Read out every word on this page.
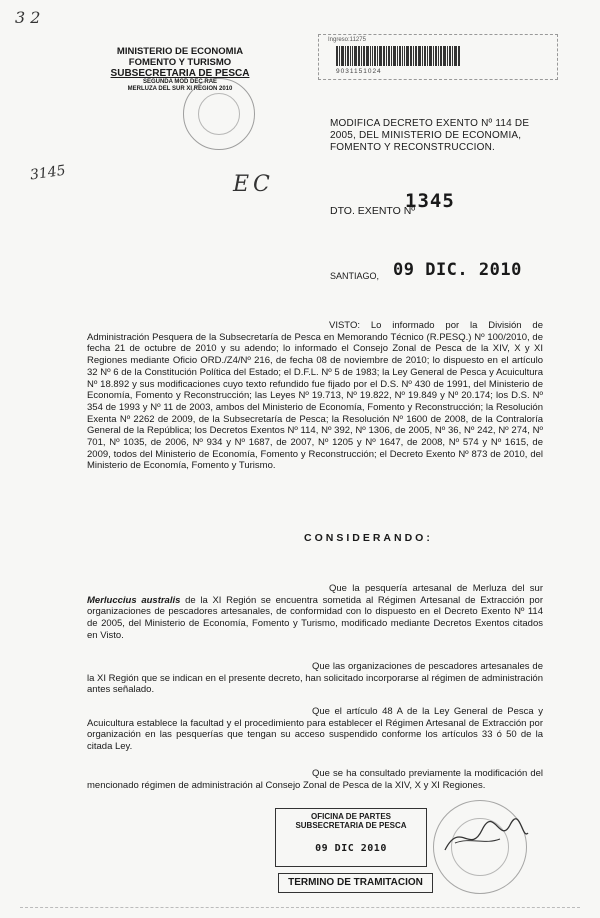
3 2
MINISTERIO DE ECONOMIA
FOMENTO Y TURISMO
SUBSECRETARIA DE PESCA
SEGUNDA MOD DEC RAE
MERLUZA DEL SUR XI REGION 2010
3145	EC
Ingreso:11275
9031151024
MODIFICA DECRETO EXENTO Nº 114 DE 2005, DEL MINISTERIO DE ECONOMIA, FOMENTO Y RECONSTRUCCION.
DTO. EXENTO Nº
1345
SANTIAGO, 09 DIC. 2010
VISTO: Lo informado por la División de Administración Pesquera de la Subsecretaría de Pesca en Memorando Técnico (R.PESQ.) Nº 100/2010, de fecha 21 de octubre de 2010 y su adendo; lo informado el Consejo Zonal de Pesca de la XIV, X y XI Regiones mediante Oficio ORD./Z4/Nº 216, de fecha 08 de noviembre de 2010; lo dispuesto en el artículo 32 Nº 6 de la Constitución Política del Estado; el D.F.L. Nº 5 de 1983; la Ley General de Pesca y Acuicultura Nº 18.892 y sus modificaciones cuyo texto refundido fue fijado por el D.S. Nº 430 de 1991, del Ministerio de Economía, Fomento y Reconstrucción; las Leyes Nº 19.713, Nº 19.822, Nº 19.849 y Nº 20.174; los D.S. Nº 354 de 1993 y Nº 11 de 2003, ambos del Ministerio de Economía, Fomento y Reconstrucción; la Resolución Exenta Nº 2262 de 2009, de la Subsecretaría de Pesca; la Resolución Nº 1600 de 2008, de la Contraloría General de la República; los Decretos Exentos Nº 114, Nº 392, Nº 1306, de 2005, Nº 36, Nº 242, Nº 274, Nº 701, Nº 1035, de 2006, Nº 934 y Nº 1687, de 2007, Nº 1205 y Nº 1647, de 2008, Nº 574 y Nº 1615, de 2009, todos del Ministerio de Economía, Fomento y Reconstrucción; el Decreto Exento Nº 873 de 2010, del Ministerio de Economía, Fomento y Turismo.
CONSIDERANDO:
Que la pesquería artesanal de Merluza del sur Merluccius australis de la XI Región se encuentra sometida al Régimen Artesanal de Extracción por organizaciones de pescadores artesanales, de conformidad con lo dispuesto en el Decreto Exento Nº 114 de 2005, del Ministerio de Economía, Fomento y Turismo, modificado mediante Decretos Exentos citados en Visto.
Que las organizaciones de pescadores artesanales de la XI Región que se indican en el presente decreto, han solicitado incorporarse al régimen de administración antes señalado.
Que el artículo 48 A de la Ley General de Pesca y Acuicultura establece la facultad y el procedimiento para establecer el Régimen Artesanal de Extracción por organización en las pesquerías que tengan su acceso suspendido conforme los artículos 33 ó 50 de la citada Ley.
Que se ha consultado previamente la modificación del mencionado régimen de administración al Consejo Zonal de Pesca de la XIV, X y XI Regiones.
OFICINA DE PARTES
SUBSECRETARIA DE PESCA
09 DIC 2010
TERMINO DE TRAMITACION
